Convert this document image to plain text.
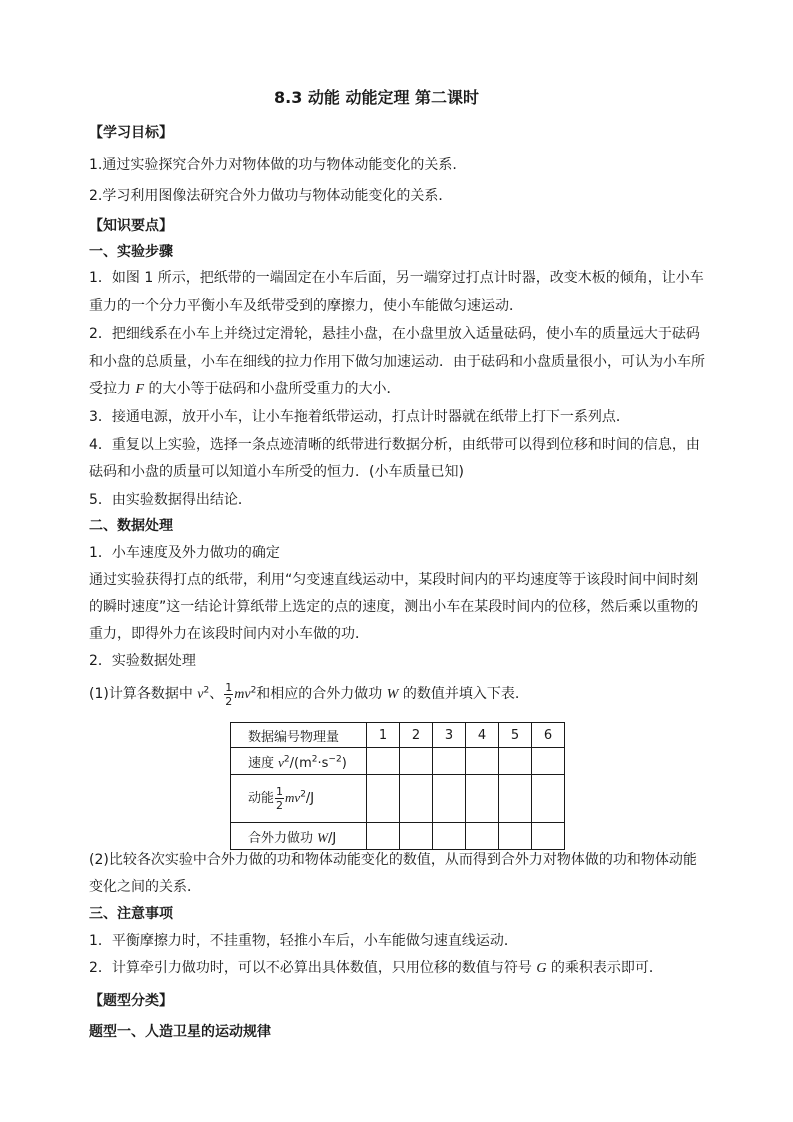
8.3 动能 动能定理 第二课时
【学习目标】
1.通过实验探究合外力对物体做的功与物体动能变化的关系.
2.学习利用图像法研究合外力做功与物体动能变化的关系．
【知识要点】
一、实验步骤
1．如图 1 所示，把纸带的一端固定在小车后面，另一端穿过打点计时器，改变木板的倾角，让小车
重力的一个分力平衡小车及纸带受到的摩擦力，使小车能做匀速运动．
2．把细线系在小车上并绕过定滑轮，悬挂小盘，在小盘里放入适量砝码，使小车的质量远大于砝码
和小盘的总质量，小车在细线的拉力作用下做匀加速运动．由于砝码和小盘质量很小，可认为小车所
受拉力 F 的大小等于砝码和小盘所受重力的大小．
3．接通电源，放开小车，让小车拖着纸带运动，打点计时器就在纸带上打下一系列点．
4．重复以上实验，选择一条点迹清晰的纸带进行数据分析，由纸带可以得到位移和时间的信息，由
砝码和小盘的质量可以知道小车所受的恒力．(小车质量已知)
5．由实验数据得出结论．
二、数据处理
1．小车速度及外力做功的确定
通过实验获得打点的纸带，利用“匀变速直线运动中，某段时间内的平均速度等于该段时间中间时刻
的瞬时速度”这一结论计算纸带上选定的点的速度，测出小车在某段时间内的位移，然后乘以重物的
重力，即得外力在该段时间内对小车做的功．
2．实验数据处理
(1)计算各数据中 $v^2$、 $\frac{1}{2} mv^2$和相应的合外力做功 W 的数值并填入下表.
数据编号物理量	1	2	3	4	5	6
速度 $v^2/(m^2\cdot s^{-2})$						
动能 $\frac{1}{2} mv^2/J$						
合外力做功 W/J						
(2)比较各次实验中合外力做的功和物体动能变化的数值，从而得到合外力对物体做的功和物体动能
变化之间的关系．
三、注意事项
1．平衡摩擦力时，不挂重物，轻推小车后，小车能做匀速直线运动．
2．计算牵引力做功时，可以不必算出具体数值，只用位移的数值与符号 G 的乘积表示即可．
【题型分类】
题型一、人造卫星的运动规律
